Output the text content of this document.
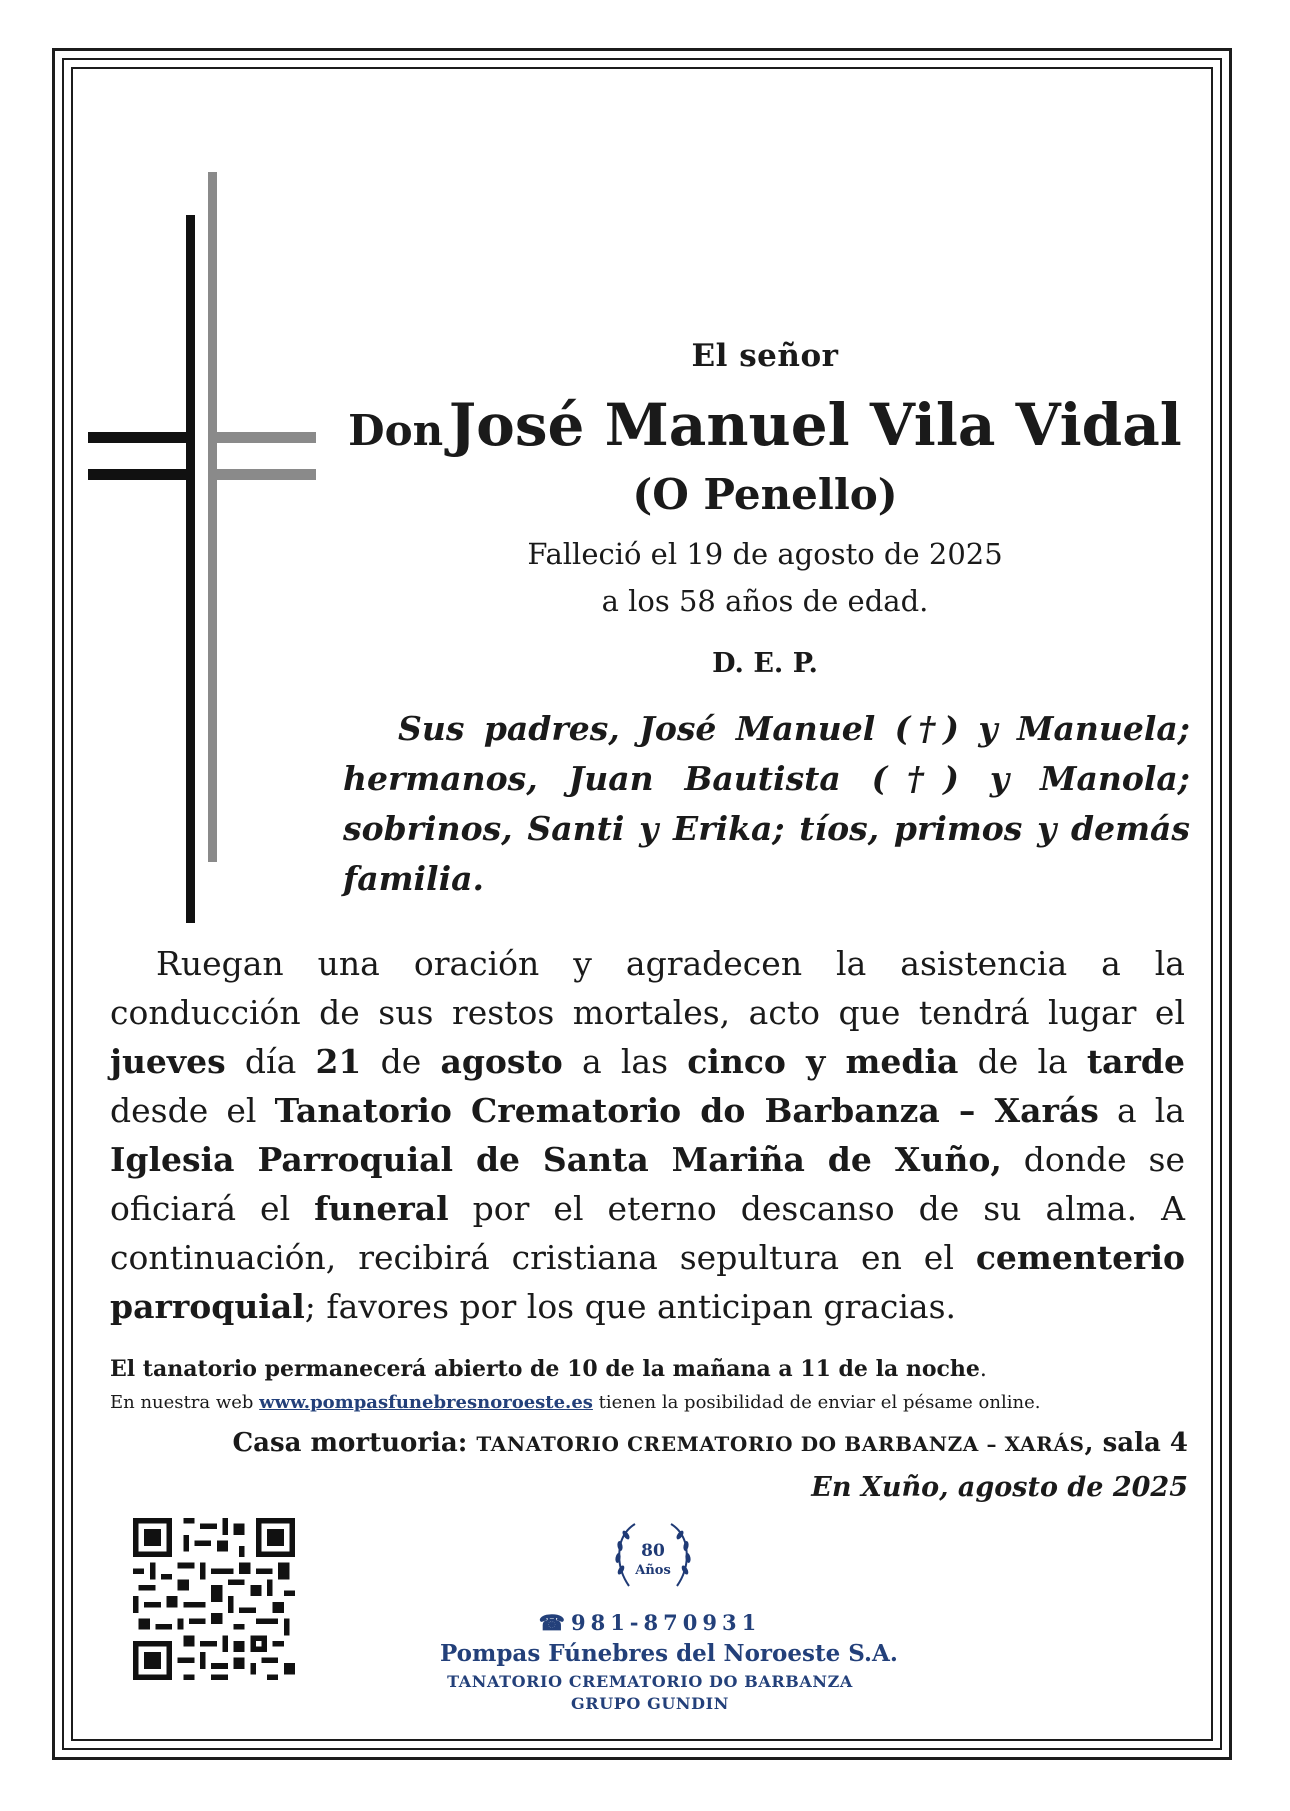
El señor
Don José Manuel Vila Vidal
(O Penello)
Falleció el 19 de agosto de 2025
a los 58 años de edad.
D. E. P.
Sus padres, José Manuel (†) y Manuela; hermanos, Juan Bautista (†) y Manola; sobrinos, Santi y Erika; tíos, primos y demás familia.
Ruegan una oración y agradecen la asistencia a la conducción de sus restos mortales, acto que tendrá lugar el jueves día 21 de agosto a las cinco y media de la tarde desde el Tanatorio Crematorio do Barbanza – Xarás a la Iglesia Parroquial de Santa Mariña de Xuño, donde se oficiará el funeral por el eterno descanso de su alma. A continuación, recibirá cristiana sepultura en el cementerio parroquial; favores por los que anticipan gracias.
El tanatorio permanecerá abierto de 10 de la mañana a 11 de la noche.
En nuestra web www.pompasfunebresnoroeste.es tienen la posibilidad de enviar el pésame online.
Casa mortuoria: TANATORIO CREMATORIO DO BARBANZA – XARÁS, sala 4
En Xuño, agosto de 2025
80
Años
☎ 981-870931
Pompas Fúnebres del Noroeste S.A.
TANATORIO CREMATORIO DO BARBANZA
GRUPO GUNDIN
